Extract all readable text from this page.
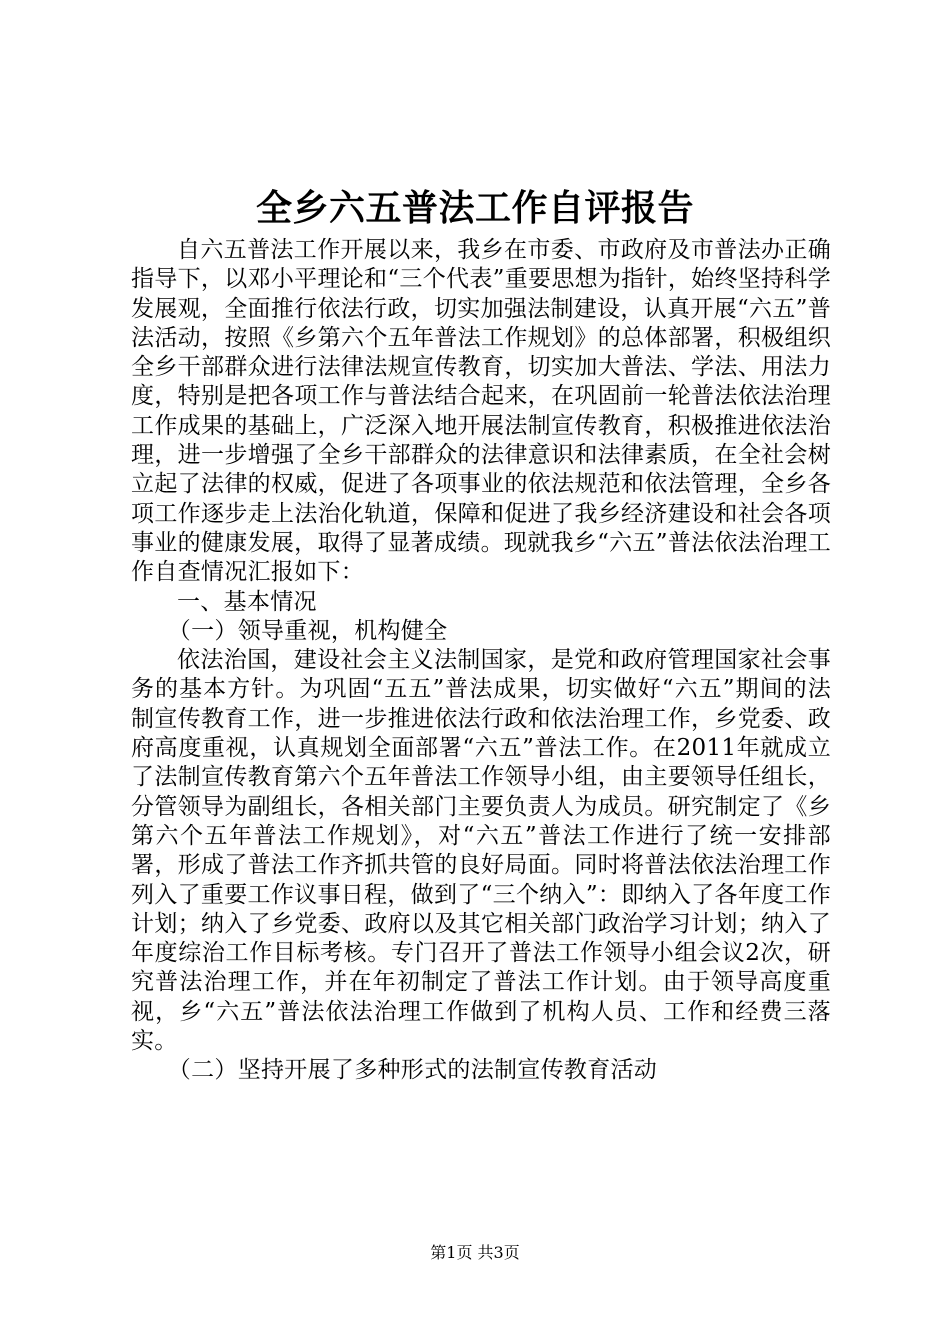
全乡六五普法工作自评报告

自六五普法工作开展以来，我乡在市委、市政府及市普法办正确指导下，以邓小平理论和“三个代表”重要思想为指针，始终坚持科学发展观，全面推行依法行政，切实加强法制建设，认真开展“六五”普法活动，按照《乡第六个五年普法工作规划》的总体部署，积极组织全乡干部群众进行法律法规宣传教育，切实加大普法、学法、用法力度，特别是把各项工作与普法结合起来，在巩固前一轮普法依法治理工作成果的基础上，广泛深入地开展法制宣传教育，积极推进依法治理，进一步增强了全乡干部群众的法律意识和法律素质，在全社会树立起了法律的权威，促进了各项事业的依法规范和依法管理，全乡各项工作逐步走上法治化轨道，保障和促进了我乡经济建设和社会各项事业的健康发展，取得了显著成绩。现就我乡“六五”普法依法治理工作自查情况汇报如下：

一、基本情况
（一）领导重视，机构健全

依法治国，建设社会主义法制国家，是党和政府管理国家社会事务的基本方针。为巩固“五五”普法成果，切实做好“六五”期间的法制宣传教育工作，进一步推进依法行政和依法治理工作，乡党委、政府高度重视，认真规划全面部署“六五”普法工作。在2011年就成立了法制宣传教育第六个五年普法工作领导小组，由主要领导任组长，分管领导为副组长，各相关部门主要负责人为成员。研究制定了《乡第六个五年普法工作规划》，对“六五”普法工作进行了统一安排部署，形成了普法工作齐抓共管的良好局面。同时将普法依法治理工作列入了重要工作议事日程，做到了“三个纳入”：即纳入了各年度工作计划；纳入了乡党委、政府以及其它相关部门政治学习计划；纳入了年度综治工作目标考核。专门召开了普法工作领导小组会议2次，研究普法治理工作，并在年初制定了普法工作计划。由于领导高度重视，乡“六五”普法依法治理工作做到了机构人员、工作和经费三落实。

（二）坚持开展了多种形式的法制宣传教育活动
第1页 共3页
